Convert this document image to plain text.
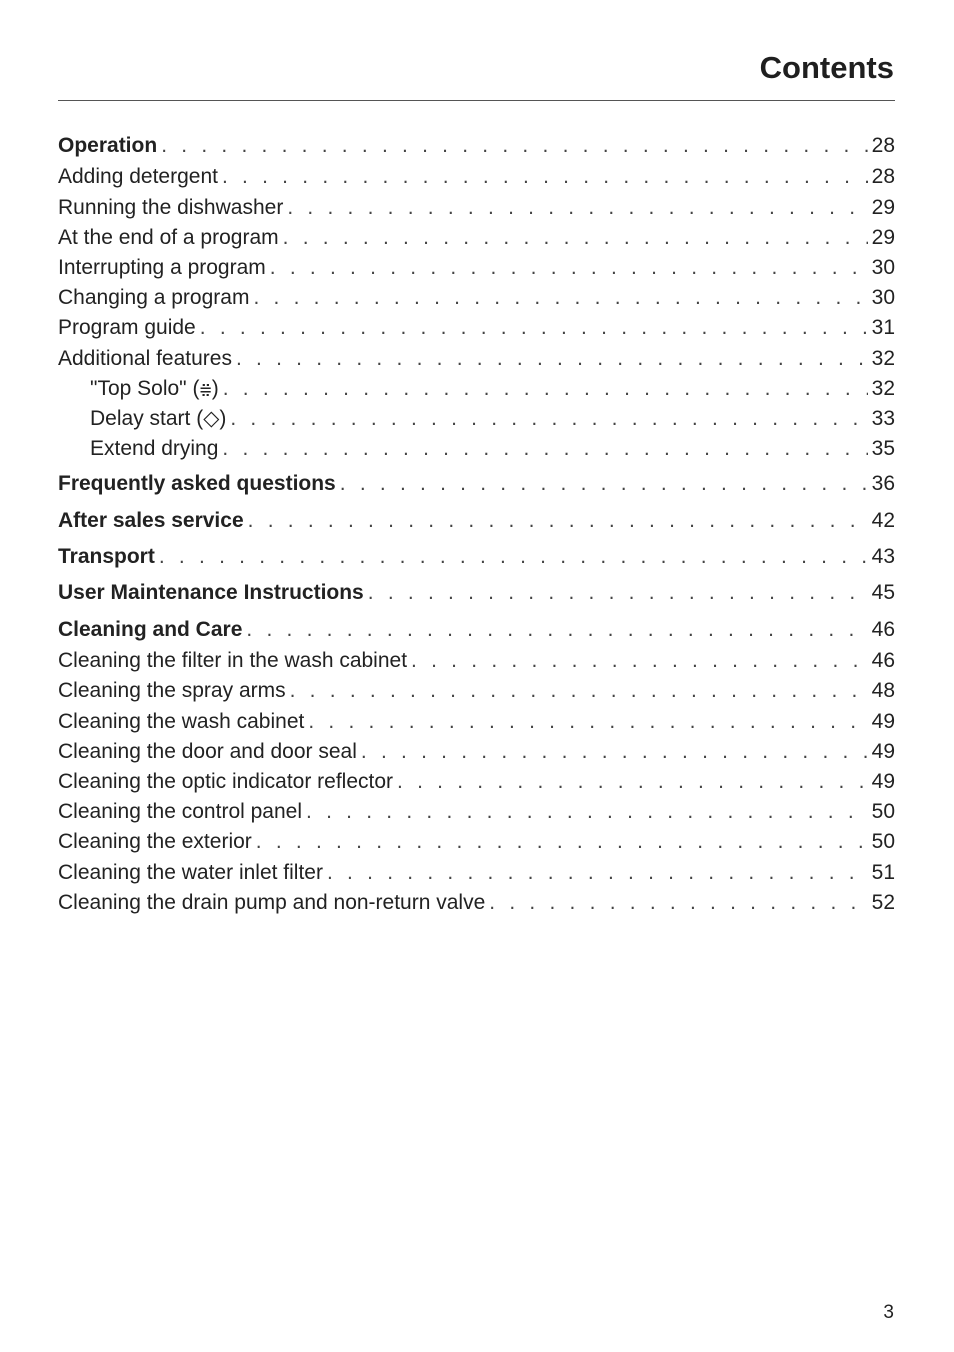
Contents
Operation . . .	28
Adding detergent . . .	28
Running the dishwasher . . .	29
At the end of a program . . .	29
Interrupting a program . . .	30
Changing a program . . .	30
Program guide . . .	31
Additional features . . .	32
"Top Solo" (⩷) . . .	32
Delay start (◇) . . .	33
Extend drying . . .	35
Frequently asked questions . . .	36
After sales service . . .	42
Transport . . .	43
User Maintenance Instructions . . .	45
Cleaning and Care . . .	46
Cleaning the filter in the wash cabinet . . .	46
Cleaning the spray arms . . .	48
Cleaning the wash cabinet . . .	49
Cleaning the door and door seal . . .	49
Cleaning the optic indicator reflector . . .	49
Cleaning the control panel . . .	50
Cleaning the exterior . . .	50
Cleaning the water inlet filter . . .	51
Cleaning the drain pump and non-return valve . . .	52
3
